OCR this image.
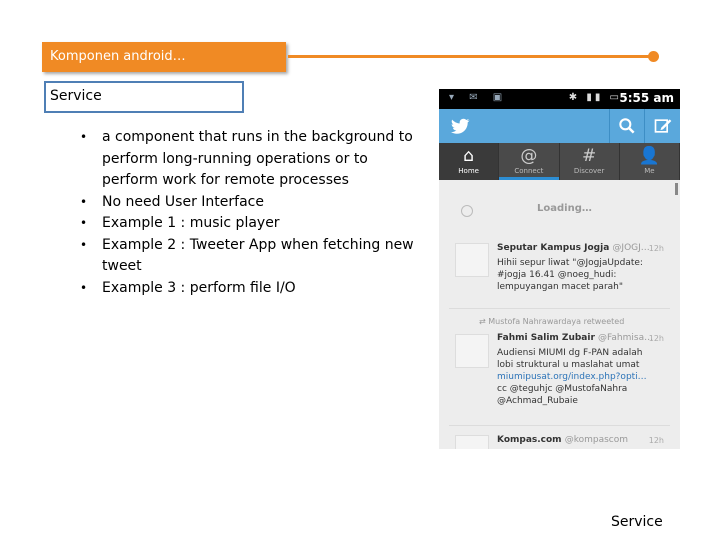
Komponen android…
Service
• a component that runs in the background to perform long-running operations or to perform work for remote processes
• No need User Interface
• Example 1 : music player
• Example 2 : Tweeter App when fetching new tweet
• Example 3 : perform file I/O
▾ ✉ ▣	✱ ▮▮ ▭
5:55 am
⌂
Home
@
Connect
#
Discover
👤
Me
Loading…
Seputar Kampus Jogja @JOGJ…
12h
Hihii sepur liwat "@JogjaUpdate:
#jogja 16.41 @noeg_hudi:
lempuyangan macet parah"
⇄ Mustofa Nahrawardaya retweeted
Fahmi Salim Zubair @Fahmisa…
12h
Audiensi MIUMI dg F-PAN adalah
lobi struktural u maslahat umat
miumipusat.org/index.php?opti…
cc @teguhjc @MustofaNahra
@Achmad_Rubaie
Kompas.com @kompascom	12h
Service
